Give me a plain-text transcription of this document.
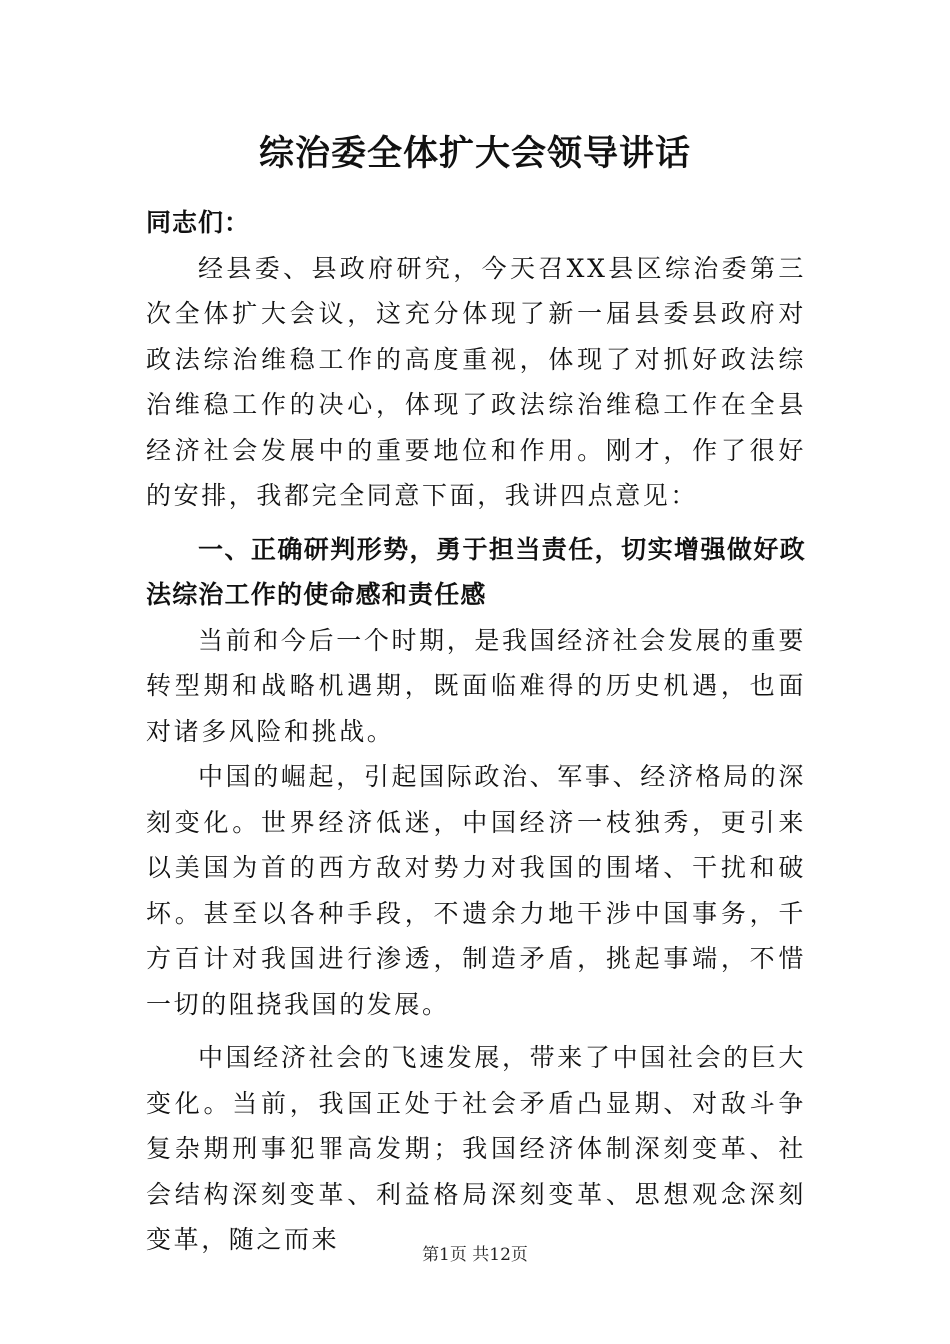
综治委全体扩大会领导讲话

同志们：

经县委、县政府研究，今天召XX县区综治委第三次全体扩大会议，这充分体现了新一届县委县政府对政法综治维稳工作的高度重视，体现了对抓好政法综治维稳工作的决心，体现了政法综治维稳工作在全县经济社会发展中的重要地位和作用。刚才，作了很好的安排，我都完全同意下面，我讲四点意见：

一、正确研判形势，勇于担当责任，切实增强做好政法综治工作的使命感和责任感

当前和今后一个时期，是我国经济社会发展的重要转型期和战略机遇期，既面临难得的历史机遇，也面对诸多风险和挑战。

中国的崛起，引起国际政治、军事、经济格局的深刻变化。世界经济低迷，中国经济一枝独秀，更引来以美国为首的西方敌对势力对我国的围堵、干扰和破坏。甚至以各种手段，不遗余力地干涉中国事务，千方百计对我国进行渗透，制造矛盾，挑起事端，不惜一切的阻挠我国的发展。

中国经济社会的飞速发展，带来了中国社会的巨大变化。当前，我国正处于社会矛盾凸显期、对敌斗争复杂期刑事犯罪高发期；我国经济体制深刻变革、社会结构深刻变革、利益格局深刻变革、思想观念深刻变革，随之而来

第1页 共12页
